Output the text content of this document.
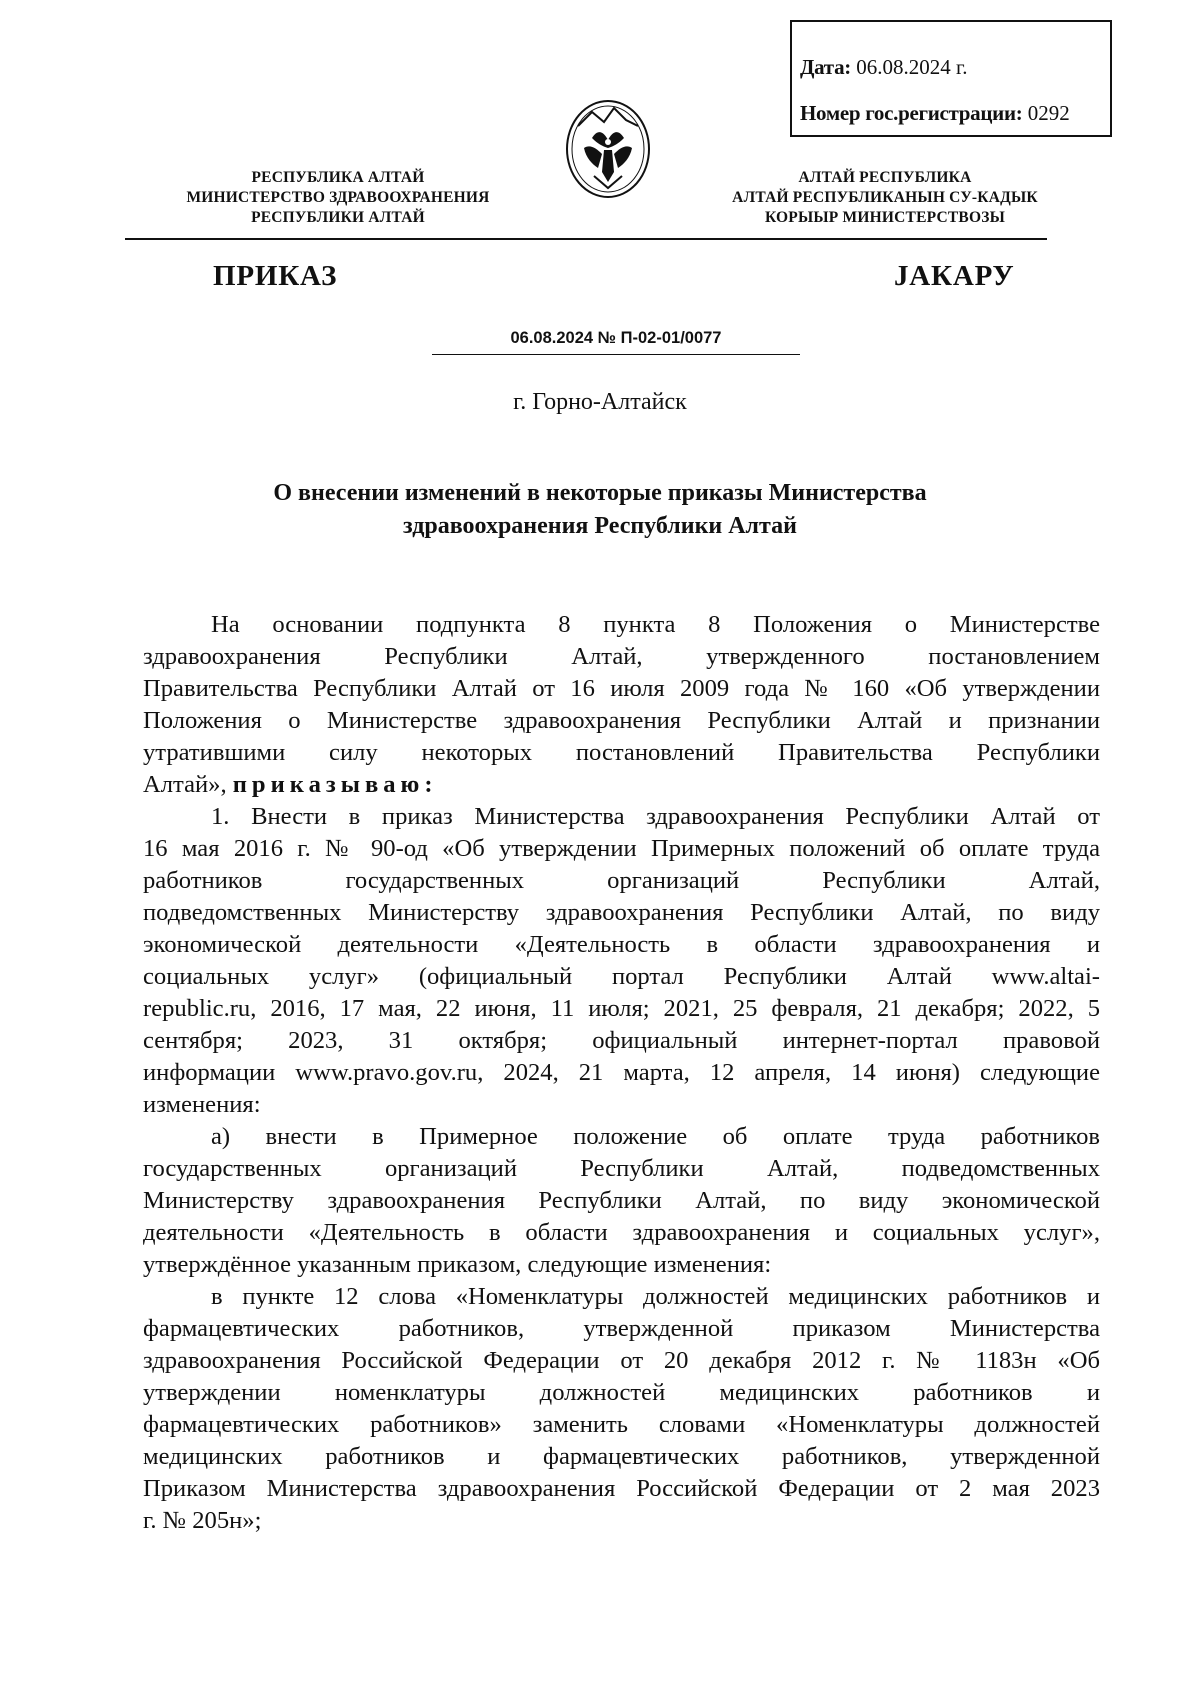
Дата: 06.08.2024 г.
Номер гос.регистрации: 0292
РЕСПУБЛИКА АЛТАЙ
МИНИСТЕРСТВО ЗДРАВООХРАНЕНИЯ
РЕСПУБЛИКИ АЛТАЙ
АЛТАЙ РЕСПУБЛИКА
АЛТАЙ РЕСПУБЛИКАНЫН СУ-КАДЫК
КОРЫЫР МИНИСТЕРСТВОЗЫ
ПРИКАЗ	JАКАРУ
06.08.2024 № П-02-01/0077
г. Горно-Алтайск
О внесении изменений в некоторые приказы Министерства
здравоохранения Республики Алтай
На основании подпункта 8 пункта 8 Положения о Министерстве
здравоохранения Республики Алтай, утвержденного постановлением
Правительства Республики Алтай от 16 июля 2009 года № 160 «Об утверждении
Положения о Министерстве здравоохранения Республики Алтай и признании
утратившими силу некоторых постановлений Правительства Республики
Алтай», приказываю:
1. Внести в приказ Министерства здравоохранения Республики Алтай от
16 мая 2016 г. № 90-од «Об утверждении Примерных положений об оплате труда
работников государственных организаций Республики Алтай,
подведомственных Министерству здравоохранения Республики Алтай, по виду
экономической деятельности «Деятельность в области здравоохранения и
социальных услуг» (официальный портал Республики Алтай www.altai-
republic.ru, 2016, 17 мая, 22 июня, 11 июля; 2021, 25 февраля, 21 декабря; 2022, 5
сентября; 2023, 31 октября; официальный интернет-портал правовой
информации www.pravo.gov.ru, 2024, 21 марта, 12 апреля, 14 июня) следующие
изменения:
а) внести в Примерное положение об оплате труда работников
государственных организаций Республики Алтай, подведомственных
Министерству здравоохранения Республики Алтай, по виду экономической
деятельности «Деятельность в области здравоохранения и социальных услуг»,
утверждённое указанным приказом, следующие изменения:
в пункте 12 слова «Номенклатуры должностей медицинских работников и
фармацевтических работников, утвержденной приказом Министерства
здравоохранения Российской Федерации от 20 декабря 2012 г. № 1183н «Об
утверждении номенклатуры должностей медицинских работников и
фармацевтических работников» заменить словами «Номенклатуры должностей
медицинских работников и фармацевтических работников, утвержденной
Приказом Министерства здравоохранения Российской Федерации от 2 мая 2023
г. № 205н»;
